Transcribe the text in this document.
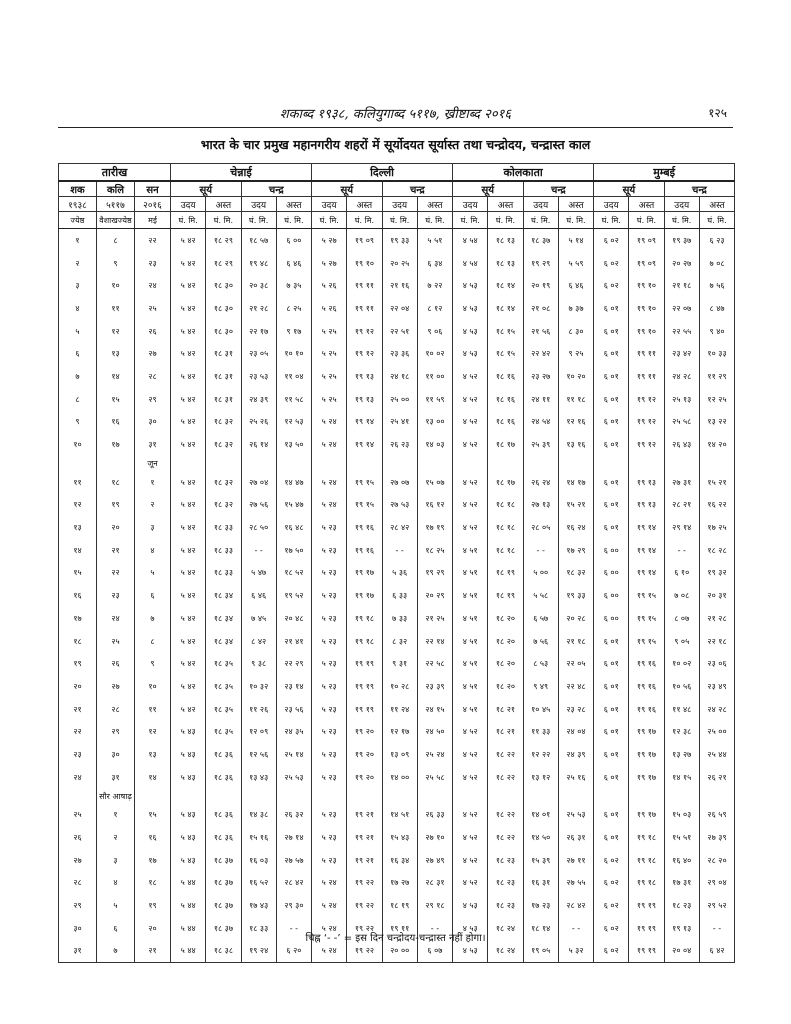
शकाब्द १९३८, कलियुगाब्द ५११७, ख्रीष्टाब्द २०१६	१२५
भारत के चार प्रमुख महानगरीय शहरों में सूर्योदयत सूर्यास्त तथा चन्द्रोदय, चन्द्रास्त काल
तारीख			चेन्नाई				दिल्ली				कोलकाता				मुम्बई			
शक	कलि	सन	सूर्य		चन्द्र		सूर्य		चन्द्र		सूर्य		चन्द्र		सूर्य		चन्द्र	
१९३८	५११७	२०१६	उदय	अस्त	उदय	अस्त	उदय	अस्त	उदय	अस्त	उदय	अस्त	उदय	अस्त	उदय	अस्त	उदय	अस्त
ज्येष्ठ	वैशाखज्येष्ठ	मई	घं. मि.	घं. मि.	घं. मि.	घं. मि.	घं. मि.	घं. मि.	घं. मि.	घं. मि.	घं. मि.	घं. मि.	घं. मि.	घं. मि.	घं. मि.	घं. मि.	घं. मि.	घं. मि.
१	८	२२	५ ४२	१८ २९	१८ ५७	६ ००	५ २७	१९ ०९	१९ ३३	५ ५१	४ ५४	१८ १३	१८ ३७	५ १४	६ ०२	१९ ०९	१९ ३७	६ २३
२	९	२३	५ ४२	१८ २९	१९ ४८	६ ४६	५ २७	१९ १०	२० २५	६ ३४	४ ५४	१८ १३	१९ २९	५ ५९	६ ०२	१९ ०९	२० २७	७ ०८
३	१०	२४	५ ४२	१८ ३०	२० ३८	७ ३५	५ २६	१९ ११	२१ १६	७ २२	४ ५३	१८ १४	२० १९	६ ४६	६ ०२	१९ १०	२१ १८	७ ५६
४	११	२५	५ ४२	१८ ३०	२१ २८	८ २५	५ २६	१९ ११	२२ ०४	८ १२	४ ५३	१८ १४	२१ ०८	७ ३७	६ ०१	१९ १०	२२ ०७	८ ४७
५	१२	२६	५ ४२	१८ ३०	२२ १७	९ १७	५ २५	१९ १२	२२ ५१	९ ०६	४ ५३	१८ १५	२१ ५६	८ ३०	६ ०१	१९ १०	२२ ५५	९ ४०
६	१३	२७	५ ४२	१८ ३१	२३ ०५	१० १०	५ २५	१९ १२	२३ ३६	१० ०२	४ ५३	१८ १५	२२ ४२	९ २५	६ ०१	१९ ११	२३ ४२	१० ३३
७	१४	२८	५ ४२	१८ ३१	२३ ५३	११ ०४	५ २५	१९ १३	२४ १८	११ ००	४ ५२	१८ १६	२३ २७	१० २०	६ ०१	१९ ११	२४ २८	११ २९
८	१५	२९	५ ४२	१८ ३१	२४ ३९	११ ५८	५ २५	१९ १३	२५ ००	११ ५९	४ ५२	१८ १६	२४ ११	११ १८	६ ०१	१९ १२	२५ १३	१२ २५
९	१६	३०	५ ४२	१८ ३२	२५ २६	१२ ५३	५ २४	१९ १४	२५ ४१	१३ ००	४ ५२	१८ १६	२४ ५४	१२ १६	६ ०१	१९ १२	२५ ५८	१३ २२
१०	१७	३१	५ ४२	१८ ३२	२६ १४	१३ ५०	५ २४	१९ १४	२६ २३	१४ ०३	४ ५२	१८ १७	२५ ३९	१३ १६	६ ०१	१९ १२	२६ ४३	१४ २०
		जून																
११	१८	१	५ ४२	१८ ३२	२७ ०४	१४ ४७	५ २४	१९ १५	२७ ०७	१५ ०७	४ ५२	१८ १७	२६ २४	१४ १७	६ ०१	१९ १३	२७ ३१	१५ २१
१२	१९	२	५ ४२	१८ ३२	२७ ५६	१५ ४७	५ २४	१९ १५	२७ ५३	१६ १२	४ ५२	१८ १८	२७ १३	१५ २१	६ ०१	१९ १३	२८ २१	१६ २२
१३	२०	३	५ ४२	१८ ३३	२८ ५०	१६ ४८	५ २३	१९ १६	२८ ४२	१७ १९	४ ५२	१८ १८	२८ ०५	१६ २४	६ ०१	१९ १४	२९ १४	१७ २५
१४	२१	४	५ ४२	१८ ३३	- -	१७ ५०	५ २३	१९ १६	- -	१८ २५	४ ५१	१८ १८	- -	१७ २९	६ ००	१९ १४	- -	१८ २८
१५	२२	५	५ ४२	१८ ३३	५ ४७	१८ ५२	५ २३	१९ १७	५ ३६	१९ २९	४ ५१	१८ १९	५ ००	१८ ३२	६ ००	१९ १४	६ १०	१९ ३२
१६	२३	६	५ ४२	१८ ३४	६ ४६	१९ ५२	५ २३	१९ १७	६ ३३	२० २९	४ ५१	१८ १९	५ ५८	१९ ३३	६ ००	१९ १५	७ ०८	२० ३१
१७	२४	७	५ ४२	१८ ३४	७ ४५	२० ४८	५ २३	१९ १८	७ ३३	२१ २५	४ ५१	१८ २०	६ ५७	२० २८	६ ००	१९ १५	८ ०७	२१ २८
१८	२५	८	५ ४२	१८ ३४	८ ४२	२१ ४१	५ २३	१९ १८	८ ३२	२२ १४	४ ५१	१८ २०	७ ५६	२१ १८	६ ०१	१९ १५	९ ०५	२२ १८
१९	२६	९	५ ४२	१८ ३५	९ ३८	२२ २९	५ २३	१९ १९	९ ३१	२२ ५८	४ ५१	१८ २०	८ ५३	२२ ०५	६ ०१	१९ १६	१० ०२	२३ ०६
२०	२७	१०	५ ४२	१८ ३५	१० ३२	२३ १४	५ २३	१९ १९	१० २८	२३ ३९	४ ५१	१८ २०	९ ४९	२२ ४८	६ ०१	१९ १६	१० ५६	२३ ४९
२१	२८	११	५ ४२	१८ ३५	११ २६	२३ ५६	५ २३	१९ १९	११ २४	२४ १५	४ ५१	१८ २१	१० ४५	२३ २८	६ ०१	१९ १६	११ ४८	२४ २८
२२	२९	१२	५ ४३	१८ ३५	१२ ०९	२४ ३५	५ २३	१९ २०	१२ १७	२४ ५०	४ ५२	१८ २१	११ ३३	२४ ०४	६ ०१	१९ १७	१२ ३८	२५ ००
२३	३०	१३	५ ४३	१८ ३६	१२ ५६	२५ १४	५ २३	१९ २०	१३ ०९	२५ २४	४ ५२	१८ २२	१२ २२	२४ ३९	६ ०१	१९ १७	१३ २७	२५ ४४
२४	३१	१४	५ ४३	१८ ३६	१३ ४३	२५ ५३	५ २३	१९ २०	१४ ००	२५ ५८	४ ५२	१८ २२	१३ १२	२५ १६	६ ०१	१९ १७	१४ १५	२६ २१
	सौर आषाढ़																	
२५	१	१५	५ ४३	१८ ३६	१४ ३८	२६ ३२	५ २३	१९ २१	१४ ५१	२६ ३३	४ ५२	१८ २२	१४ ०१	२५ ५३	६ ०१	१९ १७	१५ ०३	२६ ५९
२६	२	१६	५ ४३	१८ ३६	१५ १६	२७ १४	५ २३	१९ २१	१५ ४३	२७ १०	४ ५२	१८ २२	१४ ५०	२६ ३१	६ ०१	१९ १८	१५ ५१	२७ ३९
२७	३	१७	५ ४३	१८ ३७	१६ ०३	२७ ५७	५ २३	१९ २१	१६ ३४	२७ ४९	४ ५२	१८ २३	१५ ३९	२७ ११	६ ०२	१९ १८	१६ ४०	२८ २०
२८	४	१८	५ ४४	१८ ३७	१६ ५२	२८ ४२	५ २४	१९ २२	१७ २७	२८ ३१	४ ५२	१८ २३	१६ ३१	२७ ५५	६ ०२	१९ १८	१७ ३१	२९ ०४
२९	५	१९	५ ४४	१८ ३७	१७ ४३	२९ ३०	५ २४	१९ २२	१८ १९	२९ १८	४ ५३	१८ २३	१७ २३	२८ ४२	६ ०२	१९ १९	१८ २३	२९ ५२
३०	६	२०	५ ४४	१८ ३७	१८ ३३	- -	५ २४	१९ २२	१९ ११	- -	४ ५३	१८ २४	१८ १४	- -	६ ०२	१९ १९	१९ १३	- -
३१	७	२१	५ ४४	१८ ३८	१९ २४	६ २०	५ २४	१९ २२	२० ००	६ ०७	४ ५३	१८ २४	१९ ०५	५ ३२	६ ०२	१९ १९	२० ०४	६ ४२
चिह्न ‘- -’ = इस दिन चन्द्रोदय-चन्द्रास्त नहीं होगा।
